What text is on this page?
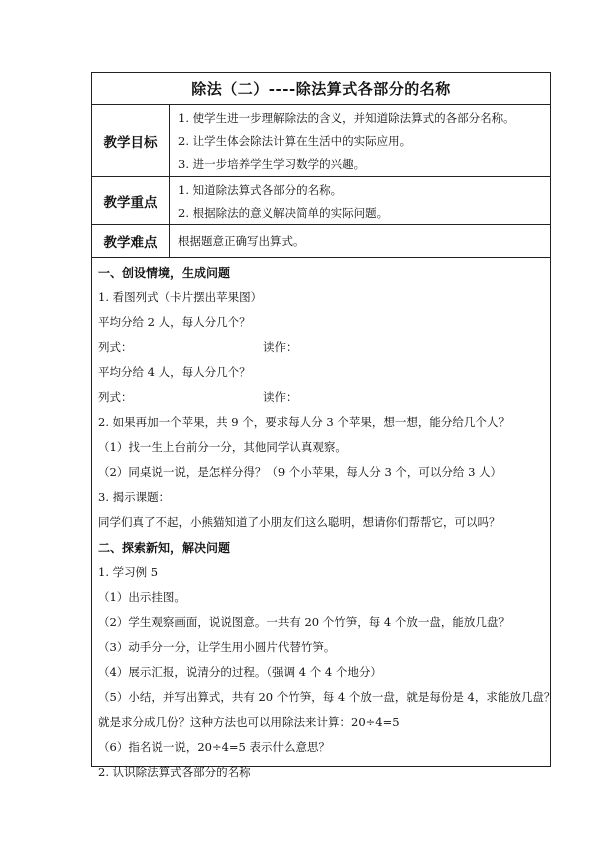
除法（二）----除法算式各部分的名称
教学目标
1. 使学生进一步理解除法的含义，并知道除法算式的各部分名称。
2. 让学生体会除法计算在生活中的实际应用。
3. 进一步培养学生学习数学的兴趣。
教学重点
1. 知道除法算式各部分的名称。
2. 根据除法的意义解决简单的实际问题。
教学难点	根据题意正确写出算式。
一、创设情境，生成问题
1. 看图列式（卡片摆出苹果图）
平均分给 2 人，每人分几个？
列式：	读作：
平均分给 4 人，每人分几个？
列式：	读作：
2. 如果再加一个苹果，共 9 个，要求每人分 3 个苹果，想一想，能分给几个人？
（1）找一生上台前分一分，其他同学认真观察。
（2）同桌说一说，是怎样分得？（9 个小苹果，每人分 3 个，可以分给 3 人）
3. 揭示课题：
同学们真了不起，小熊猫知道了小朋友们这么聪明，想请你们帮帮它，可以吗？
二、探索新知，解决问题
1. 学习例 5
（1）出示挂图。
（2）学生观察画面，说说图意。一共有 20 个竹笋，每 4 个放一盘，能放几盘？
（3）动手分一分，让学生用小圆片代替竹笋。
（4）展示汇报，说清分的过程。（强调 4 个 4 个地分）
（5）小结，并写出算式，共有 20 个竹笋，每 4 个放一盘，就是每份是 4，求能放几盘？
就是求分成几份？这种方法也可以用除法来计算：20÷4=5
（6）指名说一说，20÷4=5 表示什么意思？
2. 认识除法算式各部分的名称
